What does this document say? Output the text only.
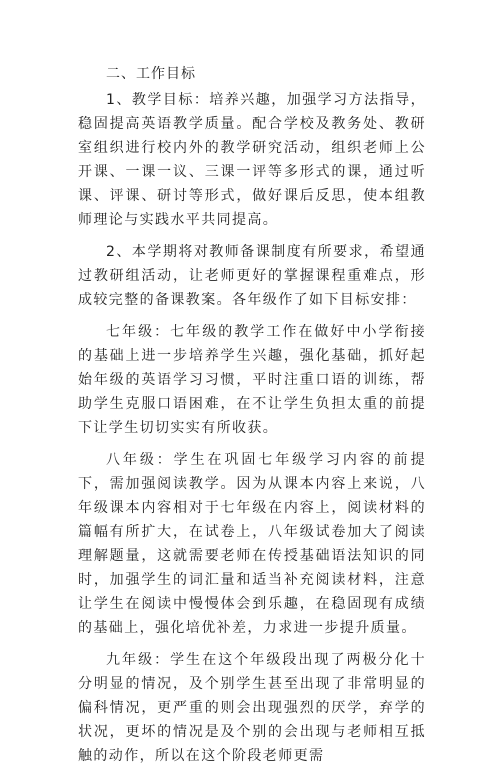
二、工作目标

1、教学目标：培养兴趣，加强学习方法指导，稳固提高英语教学质量。配合学校及教务处、教研室组织进行校内外的教学研究活动，组织老师上公开课、一课一议、三课一评等多形式的课，通过听课、评课、研讨等形式，做好课后反思，使本组教师理论与实践水平共同提高。

2、本学期将对教师备课制度有所要求，希望通过教研组活动，让老师更好的掌握课程重难点，形成较完整的备课教案。各年级作了如下目标安排：

七年级：七年级的教学工作在做好中小学衔接的基础上进一步培养学生兴趣，强化基础，抓好起始年级的英语学习习惯，平时注重口语的训练，帮助学生克服口语困难，在不让学生负担太重的前提下让学生切切实实有所收获。

八年级：学生在巩固七年级学习内容的前提下，需加强阅读教学。因为从课本内容上来说，八年级课本内容相对于七年级在内容上，阅读材料的篇幅有所扩大，在试卷上，八年级试卷加大了阅读理解题量，这就需要老师在传授基础语法知识的同时，加强学生的词汇量和适当补充阅读材料，注意让学生在阅读中慢慢体会到乐趣，在稳固现有成绩的基础上，强化培优补差，力求进一步提升质量。

九年级：学生在这个年级段出现了两极分化十分明显的情况，及个别学生甚至出现了非常明显的偏科情况，更严重的则会出现强烈的厌学，弃学的状况，更坏的情况是及个别的会出现与老师相互抵触的动作，所以在这个阶段老师更需
